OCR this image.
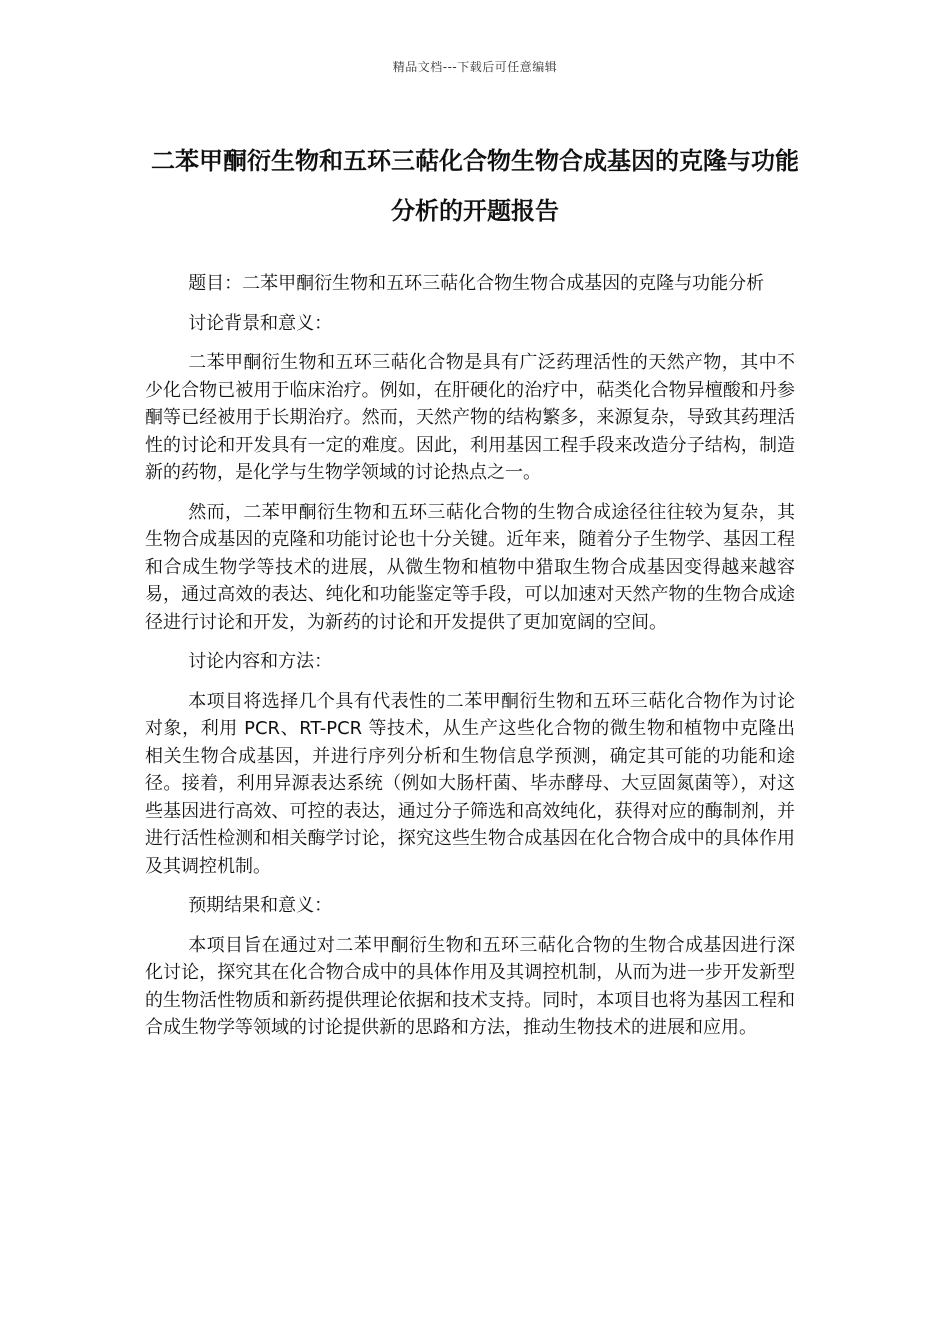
精品文档---下载后可任意编辑
二苯甲酮衍生物和五环三萜化合物生物合成基因的克隆与功能分析的开题报告

题目：二苯甲酮衍生物和五环三萜化合物生物合成基因的克隆与功能分析

讨论背景和意义：

二苯甲酮衍生物和五环三萜化合物是具有广泛药理活性的天然产物，其中不少化合物已被用于临床治疗。例如，在肝硬化的治疗中，萜类化合物异檀酸和丹参酮等已经被用于长期治疗。然而，天然产物的结构繁多，来源复杂，导致其药理活性的讨论和开发具有一定的难度。因此，利用基因工程手段来改造分子结构，制造新的药物，是化学与生物学领域的讨论热点之一。

然而，二苯甲酮衍生物和五环三萜化合物的生物合成途径往往较为复杂，其生物合成基因的克隆和功能讨论也十分关键。近年来，随着分子生物学、基因工程和合成生物学等技术的进展，从微生物和植物中猎取生物合成基因变得越来越容易，通过高效的表达、纯化和功能鉴定等手段，可以加速对天然产物的生物合成途径进行讨论和开发，为新药的讨论和开发提供了更加宽阔的空间。

讨论内容和方法：

本项目将选择几个具有代表性的二苯甲酮衍生物和五环三萜化合物作为讨论对象，利用 PCR、RT-PCR 等技术，从生产这些化合物的微生物和植物中克隆出相关生物合成基因，并进行序列分析和生物信息学预测，确定其可能的功能和途径。接着，利用异源表达系统（例如大肠杆菌、毕赤酵母、大豆固氮菌等），对这些基因进行高效、可控的表达，通过分子筛选和高效纯化，获得对应的酶制剂，并进行活性检测和相关酶学讨论，探究这些生物合成基因在化合物合成中的具体作用及其调控机制。

预期结果和意义：

本项目旨在通过对二苯甲酮衍生物和五环三萜化合物的生物合成基因进行深化讨论，探究其在化合物合成中的具体作用及其调控机制，从而为进一步开发新型的生物活性物质和新药提供理论依据和技术支持。同时，本项目也将为基因工程和合成生物学等领域的讨论提供新的思路和方法，推动生物技术的进展和应用。
